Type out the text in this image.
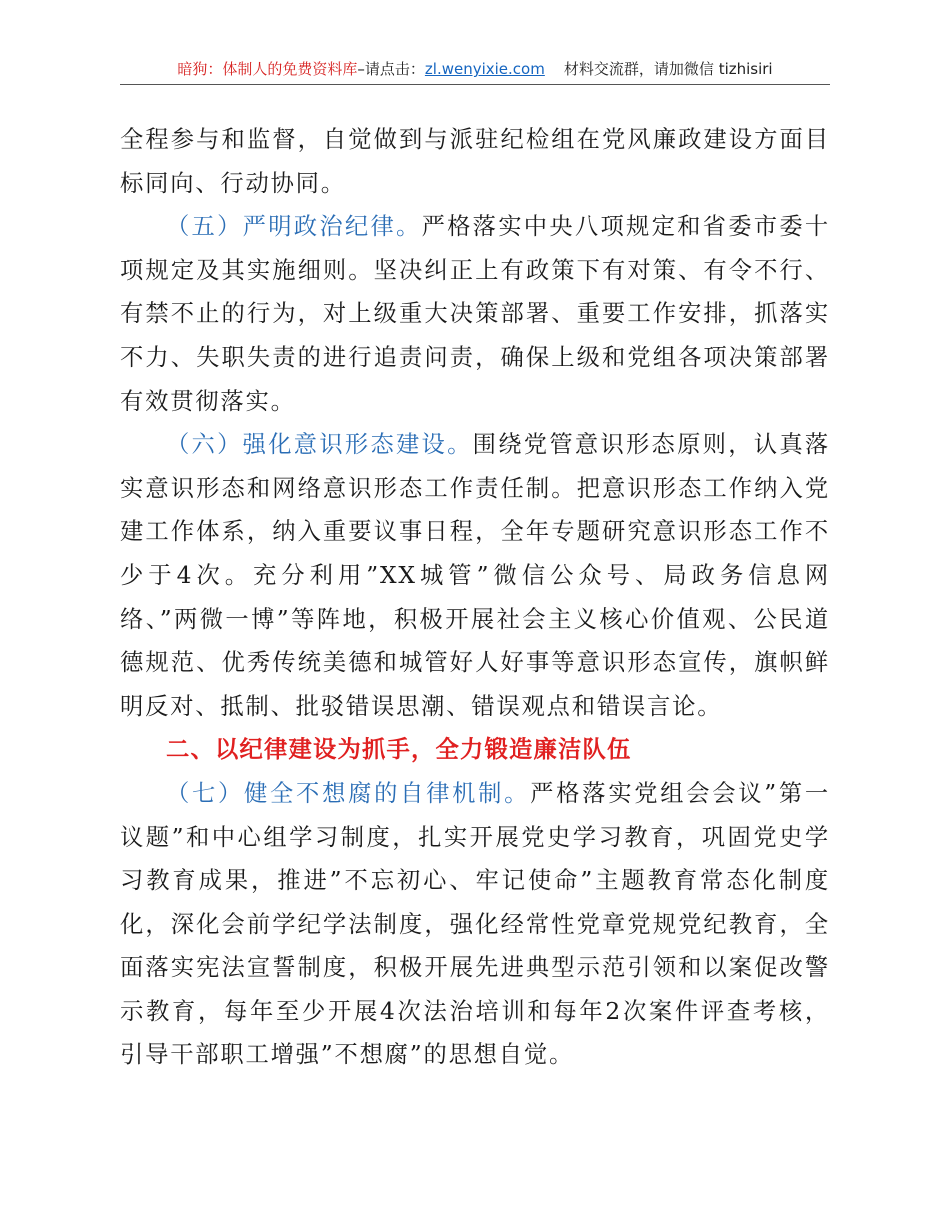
暗狗：体制人的免费资料库–请点击：zl.wenyixie.com 材料交流群，请加微信 tizhisiri

全程参与和监督，自觉做到与派驻纪检组在党风廉政建设方面目标同向、行动协同。

（五）严明政治纪律。严格落实中央八项规定和省委市委十项规定及其实施细则。坚决纠正上有政策下有对策、有令不行、有禁不止的行为，对上级重大决策部署、重要工作安排，抓落实不力、失职失责的进行追责问责，确保上级和党组各项决策部署有效贯彻落实。

（六）强化意识形态建设。围绕党管意识形态原则，认真落实意识形态和网络意识形态工作责任制。把意识形态工作纳入党建工作体系，纳入重要议事日程，全年专题研究意识形态工作不少于4次。充分利用”XX城管”微信公众号、局政务信息网络、”两微一博”等阵地，积极开展社会主义核心价值观、公民道德规范、优秀传统美德和城管好人好事等意识形态宣传，旗帜鲜明反对、抵制、批驳错误思潮、错误观点和错误言论。

二、以纪律建设为抓手，全力锻造廉洁队伍

（七）健全不想腐的自律机制。严格落实党组会会议”第一议题”和中心组学习制度，扎实开展党史学习教育，巩固党史学习教育成果，推进”不忘初心、牢记使命”主题教育常态化制度化，深化会前学纪学法制度，强化经常性党章党规党纪教育，全面落实宪法宣誓制度，积极开展先进典型示范引领和以案促改警示教育，每年至少开展4次法治培训和每年2次案件评查考核，引导干部职工增强”不想腐”的思想自觉。
